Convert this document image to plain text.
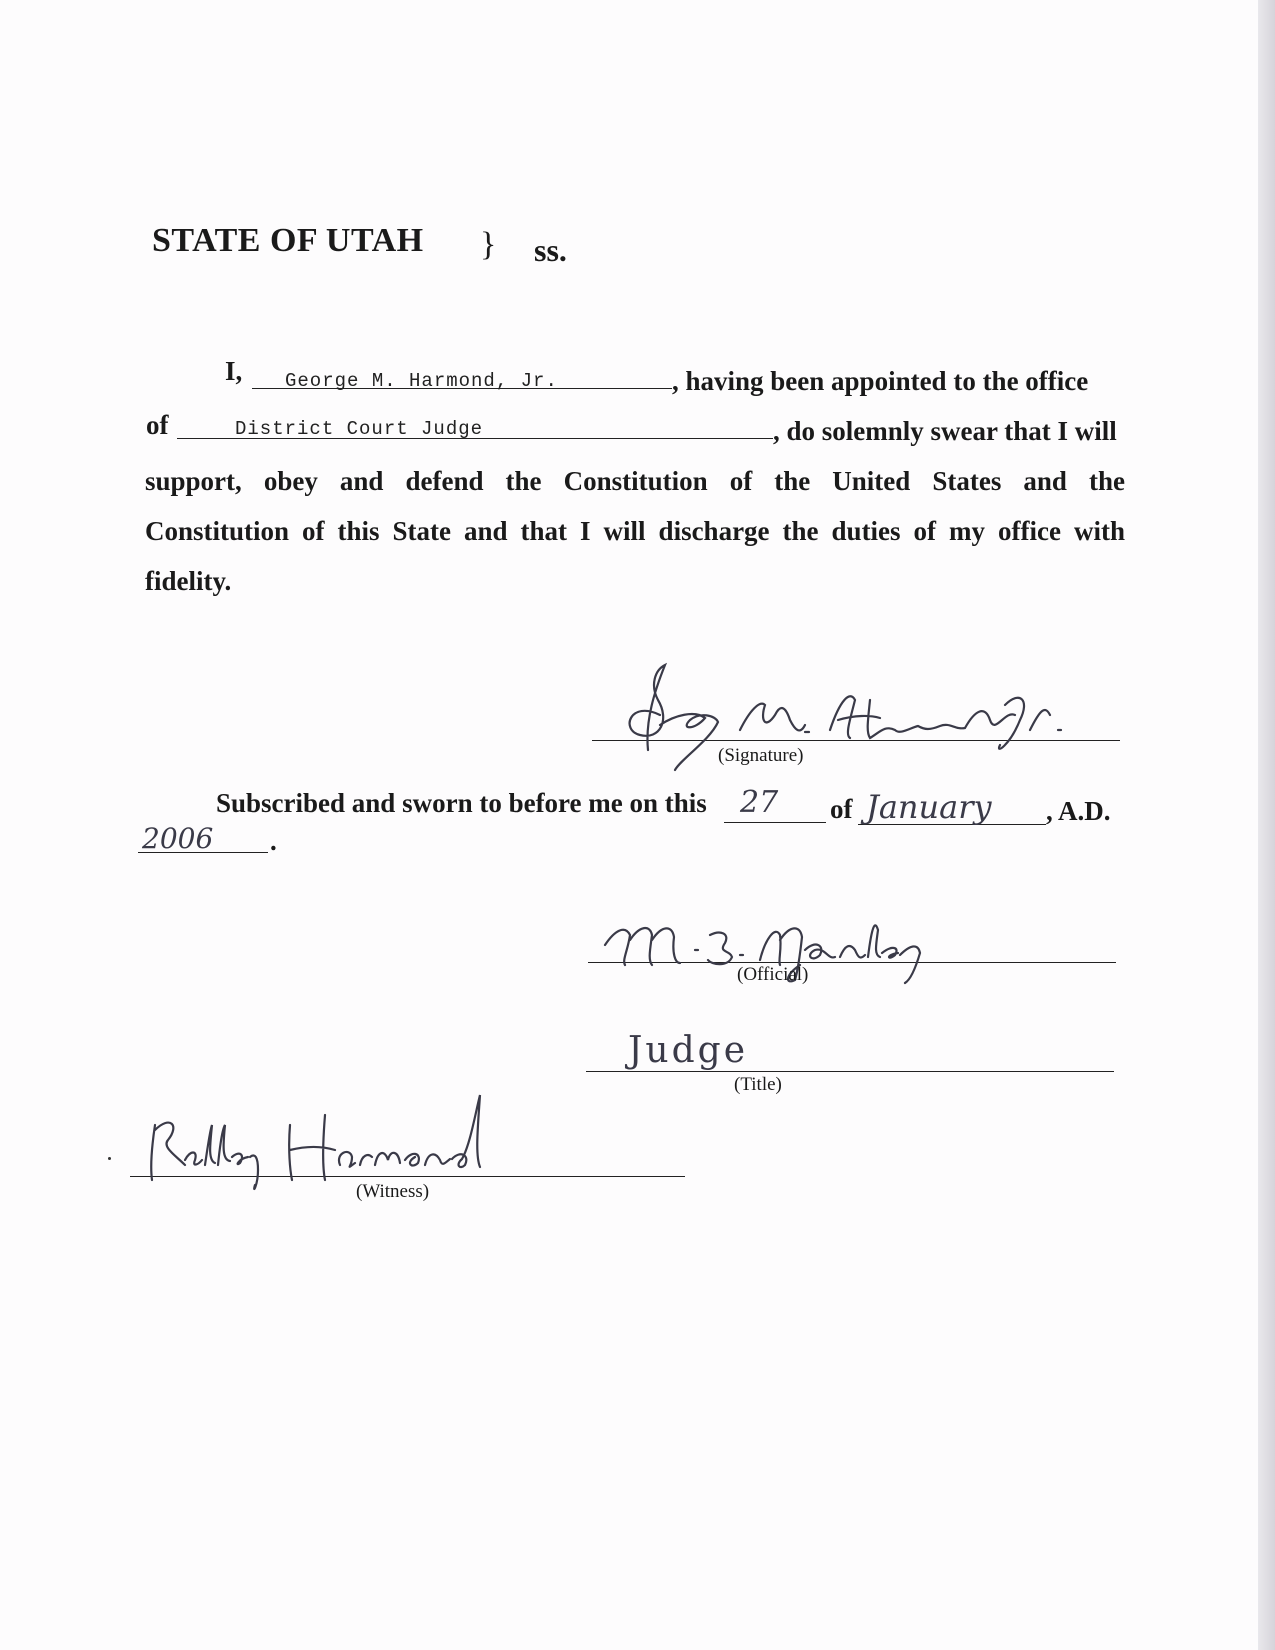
STATE OF UTAH } ss.
I, George M. Harmond, Jr.	, having been appointed to the office
of	District Court Judge	, do solemnly swear that I will
support, obey and defend the Constitution of the United States and the
Constitution of this State and that I will discharge the duties of my office with
fidelity.
(Signature)
Subscribed and sworn to before me on this 27 of January , A.D.
2006 .
(Official)
Judge
(Title)
(Witness)
